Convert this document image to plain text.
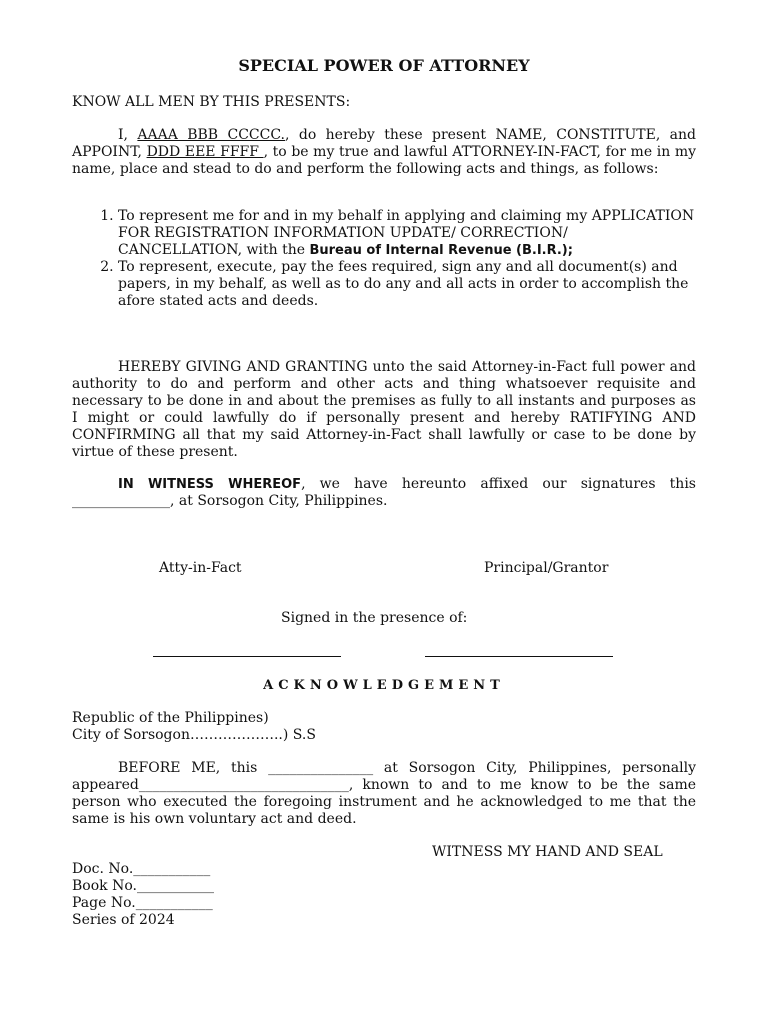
SPECIAL POWER OF ATTORNEY
KNOW ALL MEN BY THIS PRESENTS:
I, AAAA BBB CCCCC., do hereby these present NAME, CONSTITUTE, and APPOINT, DDD EEE FFFF , to be my true and lawful ATTORNEY-IN-FACT, for me in my name, place and stead to do and perform the following acts and things, as follows:
1. To represent me for and in my behalf in applying and claiming my APPLICATION FOR REGISTRATION INFORMATION UPDATE/ CORRECTION/ CANCELLATION, with the Bureau of Internal Revenue (B.I.R.);
2. To represent, execute, pay the fees required, sign any and all document(s) and papers, in my behalf, as well as to do any and all acts in order to accomplish the afore stated acts and deeds.
HEREBY GIVING AND GRANTING unto the said Attorney-in-Fact full power and authority to do and perform and other acts and thing whatsoever requisite and necessary to be done in and about the premises as fully to all instants and purposes as I might or could lawfully do if personally present and hereby RATIFYING AND CONFIRMING all that my said Attorney-in-Fact shall lawfully or case to be done by virtue of these present.
IN WITNESS WHEREOF, we have hereunto affixed our signatures this ______________, at Sorsogon City, Philippines.
Atty-in-Fact	Principal/Grantor
Signed in the presence of:
ACKNOWLEDGEMENT
Republic of the Philippines)
City of Sorsogon………………..) S.S
BEFORE ME, this _______________ at Sorsogon City, Philippines, personally appeared______________________________, known to and to me know to be the same person who executed the foregoing instrument and he acknowledged to me that the same is his own voluntary act and deed.
WITNESS MY HAND AND SEAL
Doc. No.___________
Book No.___________
Page No.___________
Series of 2024
